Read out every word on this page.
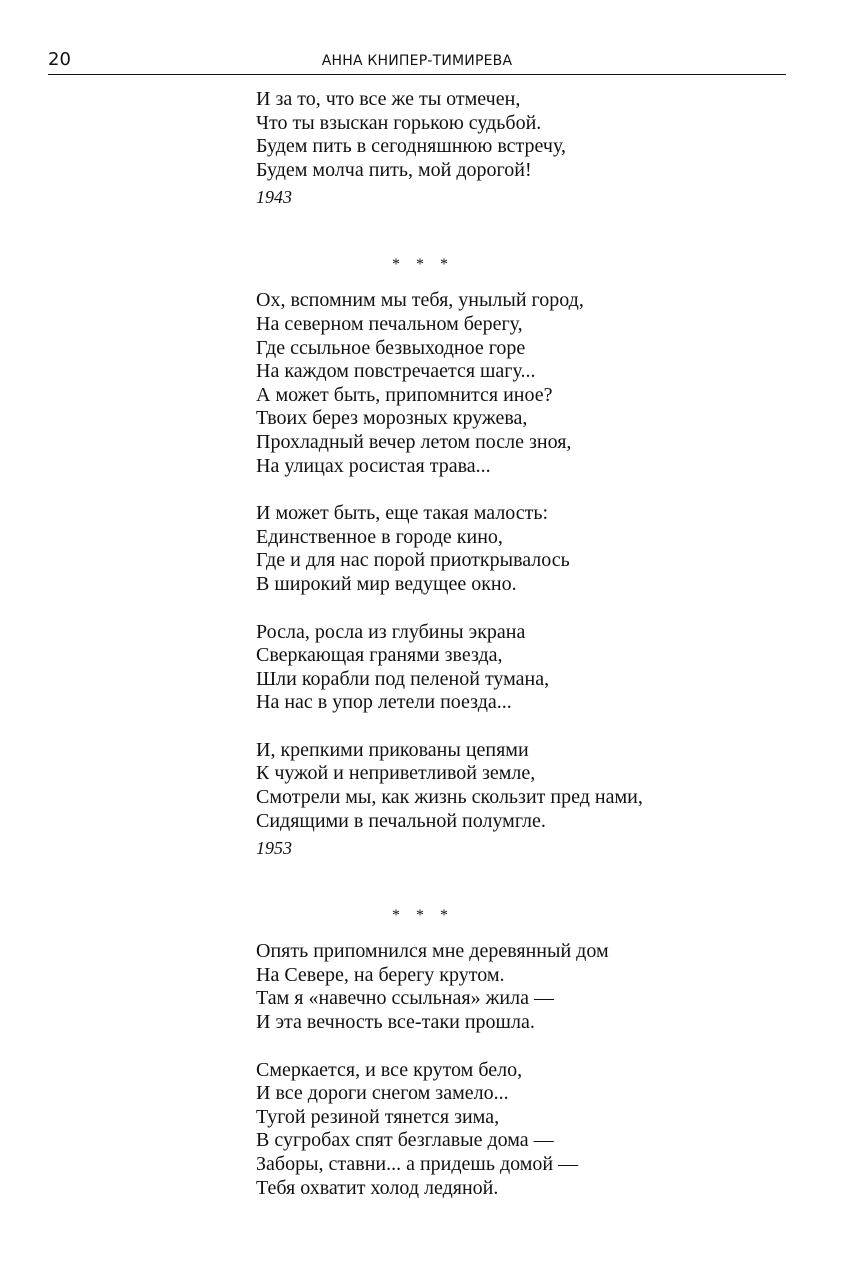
20	АННА КНИПЕР-ТИМИРЕВА
И за то, что все же ты отмечен,
Что ты взыскан горькою судьбой.
Будем пить в сегодняшнюю встречу,
Будем молча пить, мой дорогой!
1943
* * *
Ох, вспомним мы тебя, унылый город,
На северном печальном берегу,
Где ссыльное безвыходное горе
На каждом повстречается шагу...
А может быть, припомнится иное?
Твоих берез морозных кружева,
Прохладный вечер летом после зноя,
На улицах росистая трава...
И может быть, еще такая малость:
Единственное в городе кино,
Где и для нас порой приоткрывалось
В широкий мир ведущее окно.
Росла, росла из глубины экрана
Сверкающая гранями звезда,
Шли корабли под пеленой тумана,
На нас в упор летели поезда...
И, крепкими прикованы цепями
К чужой и неприветливой земле,
Смотрели мы, как жизнь скользит пред нами,
Сидящими в печальной полумгле.
1953
* * *
Опять припомнился мне деревянный дом
На Севере, на берегу крутом.
Там я «навечно ссыльная» жила —
И эта вечность все-таки прошла.
Смеркается, и все крутом бело,
И все дороги снегом замело...
Тугой резиной тянется зима,
В сугробах спят безглавые дома —
Заборы, ставни... а придешь домой —
Тебя охватит холод ледяной.
